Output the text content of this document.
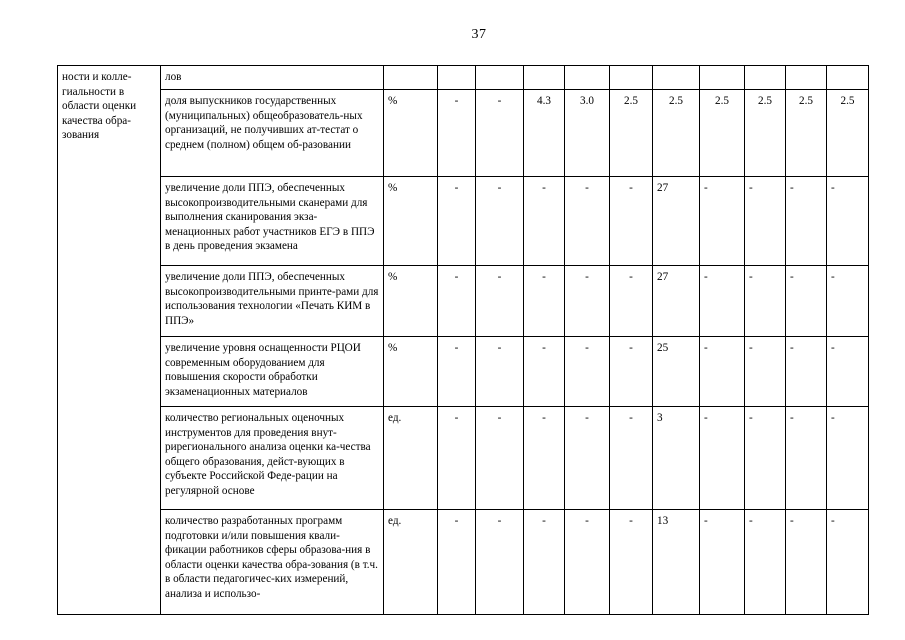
37
ности и колле-гиальности в области оценки качества обра-зования	лов											
	доля выпускников государственных (муниципальных) общеобразователь-ных организаций, не получивших ат-тестат о среднем (полном) общем об-разовании	%	-	-	4.3	3.0	2.5	2.5	2.5	2.5	2.5	2.5
	увеличение доли ППЭ, обеспеченных высокопроизводительными сканерами для выполнения сканирования экза-менационных работ участников ЕГЭ в ППЭ в день проведения экзамена	%	-	-	-	-	-	27	-	-	-	-
	увеличение доли ППЭ, обеспеченных высокопроизводительными принте-рами для использования технологии «Печать КИМ в ППЭ»	%	-	-	-	-	-	27	-	-	-	-
	увеличение уровня оснащенности РЦОИ современным оборудованием для повышения скорости обработки экзаменационных материалов	%	-	-	-	-	-	25	-	-	-	-
	количество региональных оценочных инструментов для проведения внут-рирегионального анализа оценки ка-чества общего образования, дейст-вующих в субъекте Российской Феде-рации на регулярной основе	ед.	-	-	-	-	-	3	-	-	-	-
	количество разработанных программ подготовки и/или повышения квали-фикации работников сферы образова-ния в области оценки качества обра-зования (в т.ч. в области педагогичес-ких измерений, анализа и использо-	ед.	-	-	-	-	-	13	-	-	-	-
